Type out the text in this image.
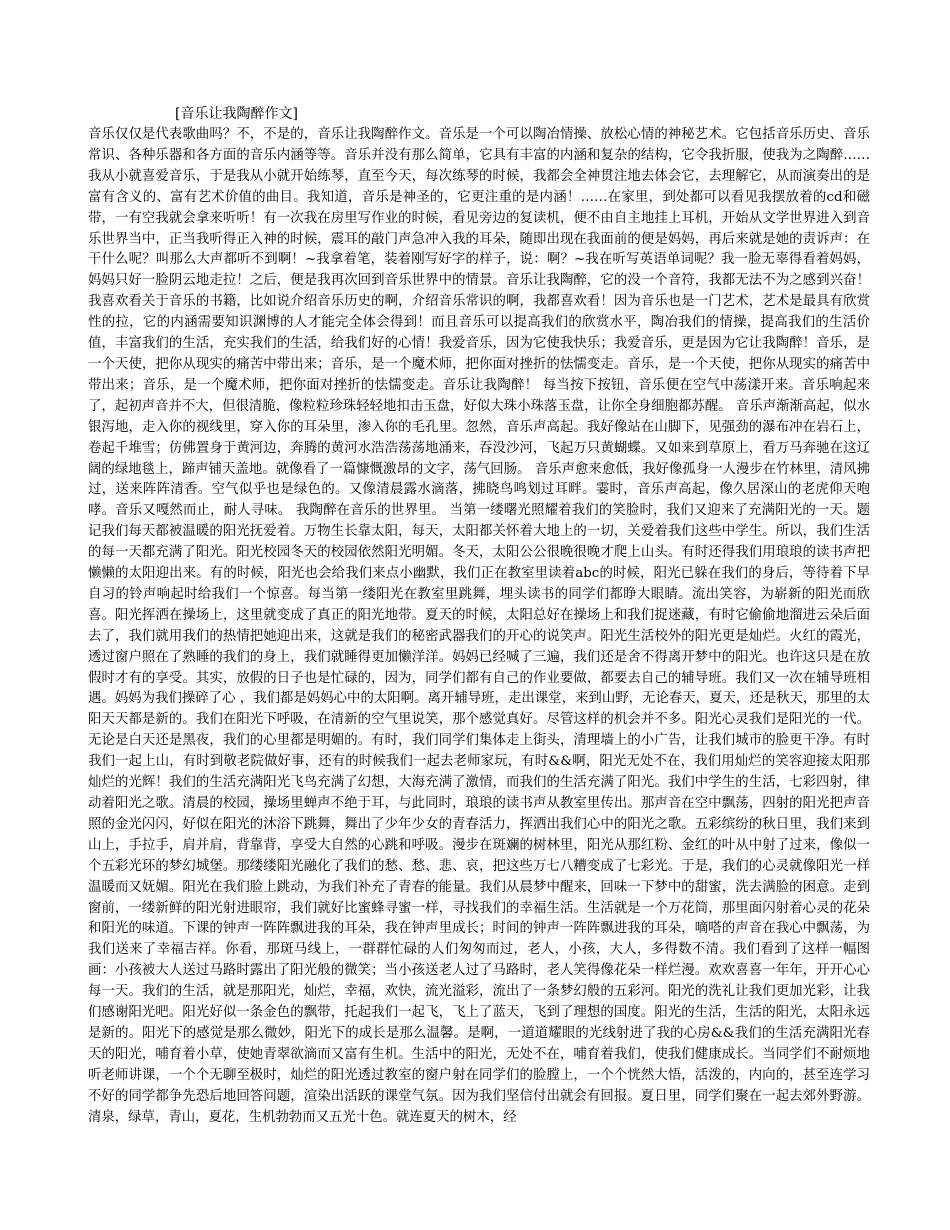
[音乐让我陶醉作文]

音乐仅仅是代表歌曲吗？不，不是的，音乐让我陶醉作文。音乐是一个可以陶冶情操、放松心情的神秘艺术。它包括音乐历史、音乐常识、各种乐器和各方面的音乐内涵等等。音乐并没有那么简单，它具有丰富的内涵和复杂的结构，它令我折服，使我为之陶醉……我从小就喜爱音乐，于是我从小就开始练琴，直至今天，每次练琴的时候，我都会全神贯注地去体会它，去理解它，从而演奏出的是富有含义的、富有艺术价值的曲目。我知道，音乐是神圣的，它更注重的是内涵！……在家里，到处都可以看见我摆放着的cd和磁带，一有空我就会拿来听听！有一次我在房里写作业的时候，看见旁边的复读机，便不由自主地挂上耳机，开始从文学世界进入到音乐世界当中，正当我听得正入神的时候，震耳的敲门声急冲入我的耳朵，随即出现在我面前的便是妈妈，再后来就是她的责诉声：在干什么呢？叫那么大声都听不到啊！~我拿着笔，装着刚写好字的样子，说：啊？~我在听写英语单词呢？我一脸无辜得看着妈妈，妈妈只好一脸阴云地走拉！之后，便是我再次回到音乐世界中的情景。音乐让我陶醉，它的没一个音符，我都无法不为之感到兴奋！我喜欢看关于音乐的书籍，比如说介绍音乐历史的啊，介绍音乐常识的啊，我都喜欢看！因为音乐也是一门艺术，艺术是最具有欣赏性的拉，它的内涵需要知识渊博的人才能完全体会得到！而且音乐可以提高我们的欣赏水平，陶冶我们的情操，提高我们的生活价值，丰富我们的生活，充实我们的生活，给我们好的心情！我爱音乐，因为它使我快乐；我爱音乐，更是因为它让我陶醉！音乐，是一个天使，把你从现实的痛苦中带出来；音乐，是一个魔术师，把你面对挫折的怯懦变走。音乐，是一个天使，把你从现实的痛苦中带出来；音乐，是一个魔术师，把你面对挫折的怯懦变走。音乐让我陶醉！ 每当按下按钮，音乐便在空气中荡漾开来。音乐响起来了，起初声音并不大，但很清脆，像粒粒珍珠轻轻地扣击玉盘，好似大珠小珠落玉盘，让你全身细胞都苏醒。 音乐声渐渐高起，似水银泻地，走入你的视线里，穿入你的耳朵里，渗入你的毛孔里。忽然，音乐声高起。我好像站在山脚下，见强劲的瀑布冲在岩石上，卷起千堆雪；仿佛置身于黄河边，奔腾的黄河水浩浩荡荡地涌来，吞没沙河，飞起万只黄蝴蝶。又如来到草原上，看万马奔驰在这辽阔的绿地毯上，蹄声铺天盖地。就像看了一篇慷慨激昂的文字，荡气回肠。 音乐声愈来愈低，我好像孤身一人漫步在竹林里，清风拂过，送来阵阵清香。空气似乎也是绿色的。又像清晨露水滴落，拂晓鸟鸣划过耳畔。霎时，音乐声高起，像久居深山的老虎仰天咆哮。音乐又嘎然而止，耐人寻味。 我陶醉在音乐的世界里。 当第一缕曙光照耀着我们的笑脸时，我们又迎来了充满阳光的一天。题记我们每天都被温暖的阳光抚爱着。万物生长靠太阳，每天，太阳都关怀着大地上的一切，关爱着我们这些中学生。所以，我们生活的每一天都充满了阳光。阳光校园冬天的校园依然阳光明媚。冬天，太阳公公很晚很晚才爬上山头。有时还得我们用琅琅的读书声把懒懒的太阳迎出来。有的时候，阳光也会给我们来点小幽默，我们正在教室里读着abc的时候，阳光已躲在我们的身后，等待着下早自习的铃声响起时给我们一个惊喜。每当第一缕阳光在教室里跳舞，埋头读书的同学们都睁大眼睛。流出笑容，为崭新的阳光而欣喜。阳光挥洒在操场上，这里就变成了真正的阳光地带。夏天的时候，太阳总好在操场上和我们捉迷藏，有时它偷偷地溜进云朵后面去了，我们就用我们的热情把她迎出来，这就是我们的秘密武器我们的开心的说笑声。阳光生活校外的阳光更是灿烂。火红的霞光，透过窗户照在了熟睡的我们的身上，我们就睡得更加懒洋洋。妈妈已经喊了三遍，我们还是舍不得离开梦中的阳光。也许这只是在放假时才有的享受。其实，放假的日子也是忙碌的，因为，同学们都有自己的作业要做，都要去自己的辅导班。我们又一次在辅导班相遇。妈妈为我们操碎了心 ，我们都是妈妈心中的太阳啊。离开辅导班，走出课堂，来到山野，无论春天，夏天，还是秋天，那里的太阳天天都是新的。我们在阳光下呼吸，在清新的空气里说笑，那个感觉真好。尽管这样的机会并不多。阳光心灵我们是阳光的一代。无论是白天还是黑夜，我们的心里都是明媚的。有时，我们同学们集体走上街头，清理墙上的小广告，让我们城市的脸更干净。有时我们一起上山，有时到敬老院做好事，还有的时候我们一起去老师家玩，有时&&啊，阳光无处不在，我们用灿烂的笑容迎接太阳那灿烂的光辉！我们的生活充满阳光飞鸟充满了幻想，大海充满了激情，而我们的生活充满了阳光。我们中学生的生活，七彩四射，律动着阳光之歌。清晨的校园，操场里蝉声不绝于耳，与此同时，琅琅的读书声从教室里传出。那声音在空中飘荡，四射的阳光把声音照的金光闪闪，好似在阳光的沐浴下跳舞，舞出了少年少女的青春活力，挥洒出我们心中的阳光之歌。五彩缤纷的秋日里，我们来到山上，手拉手，肩并肩，背靠背，享受大自然的心跳和呼吸。漫步在斑斓的树林里，阳光从那红粉、金红的叶从中射了过来，像似一个五彩光环的梦幻城堡。那缕缕阳光融化了我们的愁、愁、悲、哀，把这些万七八糟变成了七彩光。于是，我们的心灵就像阳光一样温暖而又妩媚。阳光在我们脸上跳动，为我们补充了青春的能量。我们从晨梦中醒来，回味一下梦中的甜蜜，洗去满脸的困意。走到窗前，一缕新鲜的阳光射进眼帘，我们就好比蜜蜂寻蜜一样，寻找我们的幸福生活。生活就是一个万花筒，那里面闪射着心灵的花朵和阳光的味道。下课的钟声一阵阵飘进我的耳朵，我在钟声里成长；时间的钟声一阵阵飘进我的耳朵，嘀嗒的声音在我心中飘荡，为我们送来了幸福吉祥。你看，那斑马线上，一群群忙碌的人们匆匆而过，老人，小孩，大人，多得数不清。我们看到了这样一幅图画：小孩被大人送过马路时露出了阳光般的微笑；当小孩送老人过了马路时，老人笑得像花朵一样烂漫。欢欢喜喜一年年，开开心心每一天。我们的生活，就是那阳光，灿烂，幸福，欢快，流光溢彩，流出了一条梦幻般的五彩河。阳光的洗礼让我们更加光彩，让我们感谢阳光吧。阳光好似一条金色的飘带，托起我们一起飞，飞上了蓝天，飞到了理想的国度。阳光的生活，生活的阳光，太阳永远是新的。阳光下的感觉是那么微妙，阳光下的成长是那么温馨。是啊，一道道耀眼的光线射进了我的心房&&我们的生活充满阳光春天的阳光，哺育着小草，使她青翠欲滴而又富有生机。生活中的阳光，无处不在，哺育着我们，使我们健康成长。当同学们不耐烦地听老师讲课，一个个无聊至极时，灿烂的阳光透过教室的窗户射在同学们的脸膛上，一个个恍然大悟，活泼的，内向的，甚至连学习不好的同学都争先恐后地回答问题，渲染出活跃的课堂气氛。因为我们坚信付出就会有回报。夏日里，同学们聚在一起去郊外野游。清泉，绿草，青山，夏花，生机勃勃而又五光十色。就连夏天的树木，经
